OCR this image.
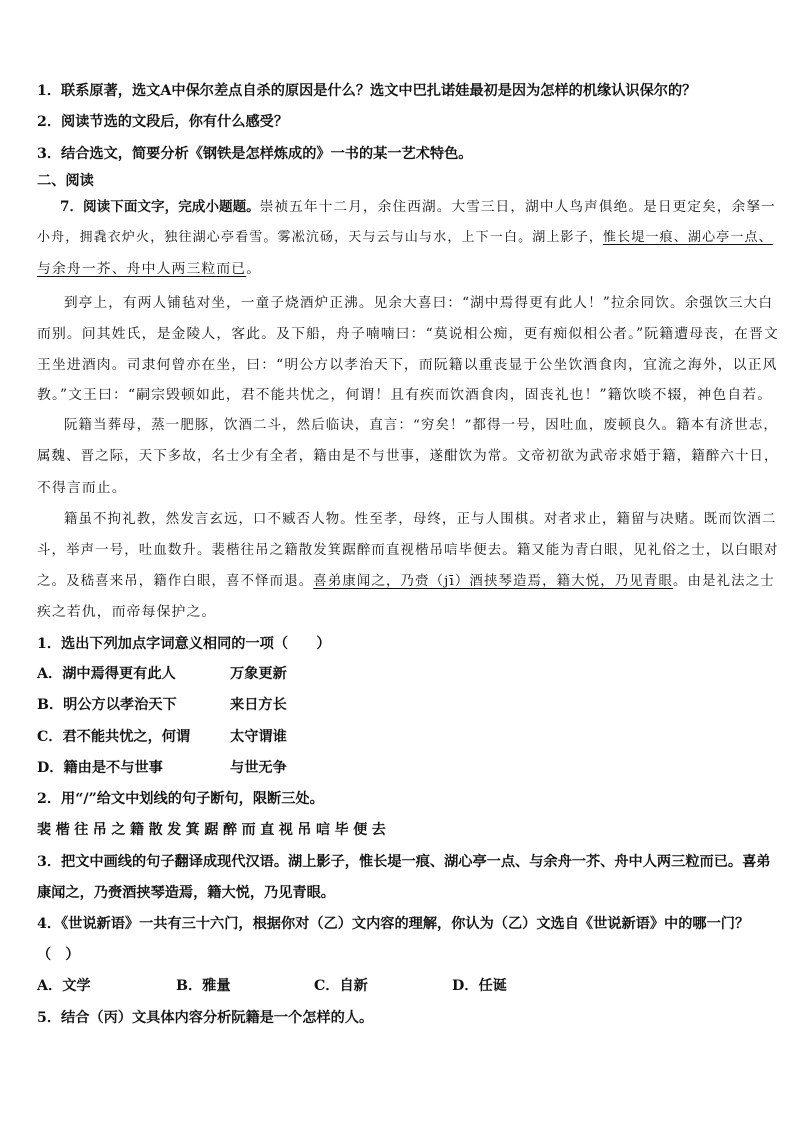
1．联系原著，选文A中保尔差点自杀的原因是什么？选文中巴扎诺娃最初是因为怎样的机缘认识保尔的？
2．阅读节选的文段后，你有什么感受？
3．结合选文，简要分析《钢铁是怎样炼成的》一书的某一艺术特色。
二、阅读
7．阅读下面文字，完成小题题。崇祯五年十二月，余住西湖。大雪三日，湖中人鸟声俱绝。是日更定矣，余拏一
小舟，拥毳衣炉火，独往湖心亭看雪。雾凇沆砀，天与云与山与水，上下一白。湖上影子，惟长堤一痕、湖心亭一点、
与余舟一芥、舟中人两三粒而已。
到亭上，有两人铺毡对坐，一童子烧酒炉正沸。见余大喜曰：“湖中焉得更有此人！”拉余同饮。余强饮三大白
而别。问其姓氏，是金陵人，客此。及下船，舟子喃喃曰：“莫说相公痴，更有痴似相公者。”阮籍遭母丧，在晋文
王坐进酒肉。司隶何曾亦在坐，曰：“明公方以孝治天下，而阮籍以重丧显于公坐饮酒食肉，宜流之海外，以正风
教。”文王曰：“嗣宗毁顿如此，君不能共忧之，何谓！且有疾而饮酒食肉，固丧礼也！”籍饮啖不辍，神色自若。
阮籍当葬母，蒸一肥豚，饮酒二斗，然后临诀，直言：“穷矣！”都得一号，因吐血，废顿良久。籍本有济世志，
属魏、晋之际，天下多故，名士少有全者，籍由是不与世事，遂酣饮为常。文帝初欲为武帝求婚于籍，籍醉六十日，
不得言而止。
籍虽不拘礼教，然发言玄远，口不臧否人物。性至孝，母终，正与人围棋。对者求止，籍留与决赌。既而饮酒二
斗，举声一号，吐血数升。裴楷往吊之籍散发箕踞醉而直视楷吊唁毕便去。籍又能为青白眼，见礼俗之士，以白眼对
之。及嵇喜来吊，籍作白眼，喜不怿而退。喜弟康闻之，乃赍（jī）酒挟琴造焉，籍大悦，乃见青眼。由是礼法之士
疾之若仇，而帝每保护之。
1．选出下列加点字词意义相同的一项（　　）
A．湖中焉得更有此人	万象更新
B．明公方以孝治天下	来日方长
C．君不能共忧之，何谓	太守谓谁
D．籍由是不与世事	与世无争
2．用“/”给文中划线的句子断句，限断三处。
裴楷往吊之籍散发箕踞醉而直视吊唁毕便去
3．把文中画线的句子翻译成现代汉语。湖上影子，惟长堤一痕、湖心亭一点、与余舟一芥、舟中人两三粒而已。喜弟
康闻之，乃赍酒挟琴造焉，籍大悦，乃见青眼。
4．《世说新语》一共有三十六门，根据你对（乙）文内容的理解，你认为（乙）文选自《世说新语》中的哪一门？
（　）
A．文学	B．雅量	C．自新	D．任诞
5．结合（丙）文具体内容分析阮籍是一个怎样的人。
